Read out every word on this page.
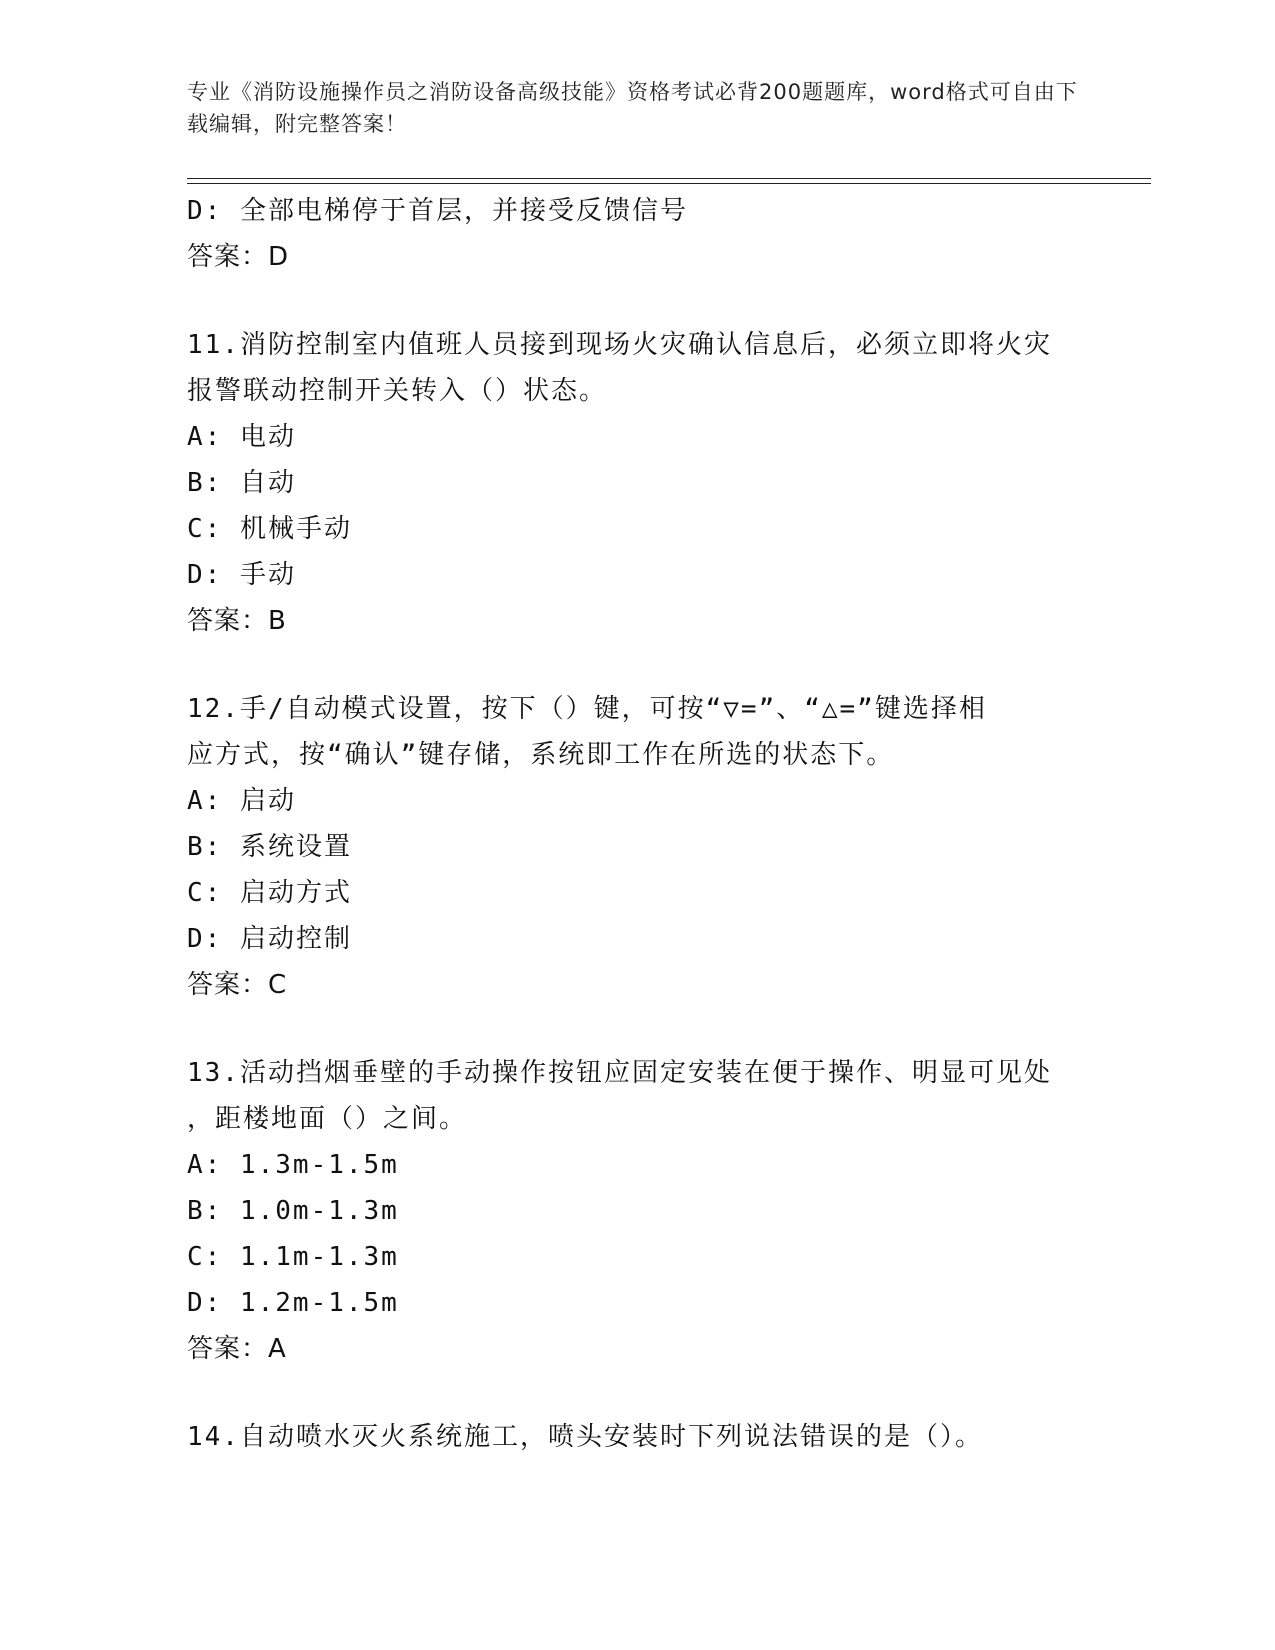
专业《消防设施操作员之消防设备高级技能》资格考试必背200题题库，word格式可自由下载编辑，附完整答案！
D: 全部电梯停于首层，并接受反馈信号
答案：D
11.消防控制室内值班人员接到现场火灾确认信息后，必须立即将火灾
报警联动控制开关转入（）状态。
A: 电动
B: 自动
C: 机械手动
D: 手动
答案：B
12.手/自动模式设置，按下（）键，可按“▽=”、“△=”键选择相
应方式，按“确认”键存储，系统即工作在所选的状态下。
A: 启动
B: 系统设置
C: 启动方式
D: 启动控制
答案：C
13.活动挡烟垂壁的手动操作按钮应固定安装在便于操作、明显可见处
，距楼地面（）之间。
A: 1.3m-1.5m
B: 1.0m-1.3m
C: 1.1m-1.3m
D: 1.2m-1.5m
答案：A
14.自动喷水灭火系统施工，喷头安装时下列说法错误的是（）。
